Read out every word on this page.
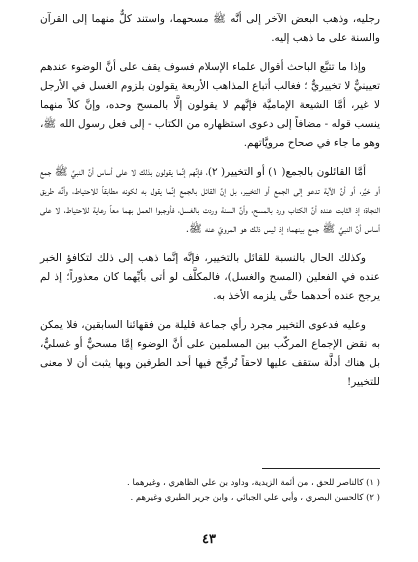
رجليه، وذهب البعض الآخر إلى أنَّه ﷺ مسحهما، واستند كلٌّ منهما إلى القرآن والسنة على ما ذهب إليه.

وإذا ما تتبَّع الباحث أقوال علماء الإسلام فسوف يقف على أنَّ الوضوء عندهم تعيينيٌّ لا تخييريٌّ ؛ فغالب أتباع المذاهب الأربعة يقولون بلزوم الغسل في الأرجل لا غير، أمَّا الشيعة الإماميَّة فإنَّهم لا يقولون إلَّا بالمسح وحده، وإنَّ كلاً منهما ينسب قوله - مضافاً إلى دعوى استظهاره من الكتاب - إلى فعل رسول الله ﷺ، وهو ما جاء في صحاح مرويَّاتهم.

أمَّا القائلون بالجمع( ١) أو التخيير( ٢)، فإنَّهم إنَّما يقولون بذلك لا على أساس أنَّ النبيَّ ﷺ جمع أو خيَّر، أو أنَّ الآية تدعو إلى الجمع أو التخيير، بل إنَّ القائل بالجمع إنَّما يقول به لكونه مطابقاً للاحتياط، وأنَّه طريق النجاة؛ إذ الثابت عنده أنَّ الكتاب ورد بالمسح، وأنَّ السنة وردت بالغسل، فأوجبوا العمل بهما معاً رعاية للاحتياط، لا على أساس أنَّ النبيَّ ﷺ جمع بينهما؛ إذ ليس ذلك هو المرويّ عنه ﷺ.

وكذلك الحال بالنسبة للقائل بالتخيير، فإنَّه إنَّما ذهب إلى ذلك لتكافؤ الخبر عنده في الفعلين (المسح والغسل)، فالمكلَّف لو أتى بأيِّهما كان معذوراً؛ إذ لم يرجح عنده أحدهما حتَّى يلزمه الأخذ به.

وعليه فدعوى التخيير مجرد رأي جماعة قليلة من فقهائنا السابقين، فلا يمكن به نقض الإجماع المركّب بين المسلمين على أنَّ الوضوء إمَّا مسحيٌّ أو غسليٌّ، بل هناك أدلَّة ستقف عليها لاحقاً تُرجِّح فيها أحد الطرفين وبها يثبت أن لا معنى للتخيير!

( ١) كالناصر للحق ، من أئمة الزيدية، وداود بن علي الظاهري ، وغيرهما .

( ٢) كالحسن البصري ، وأبي علي الجبائي ، وابن جرير الطبري وغيرهم .

٤٣
